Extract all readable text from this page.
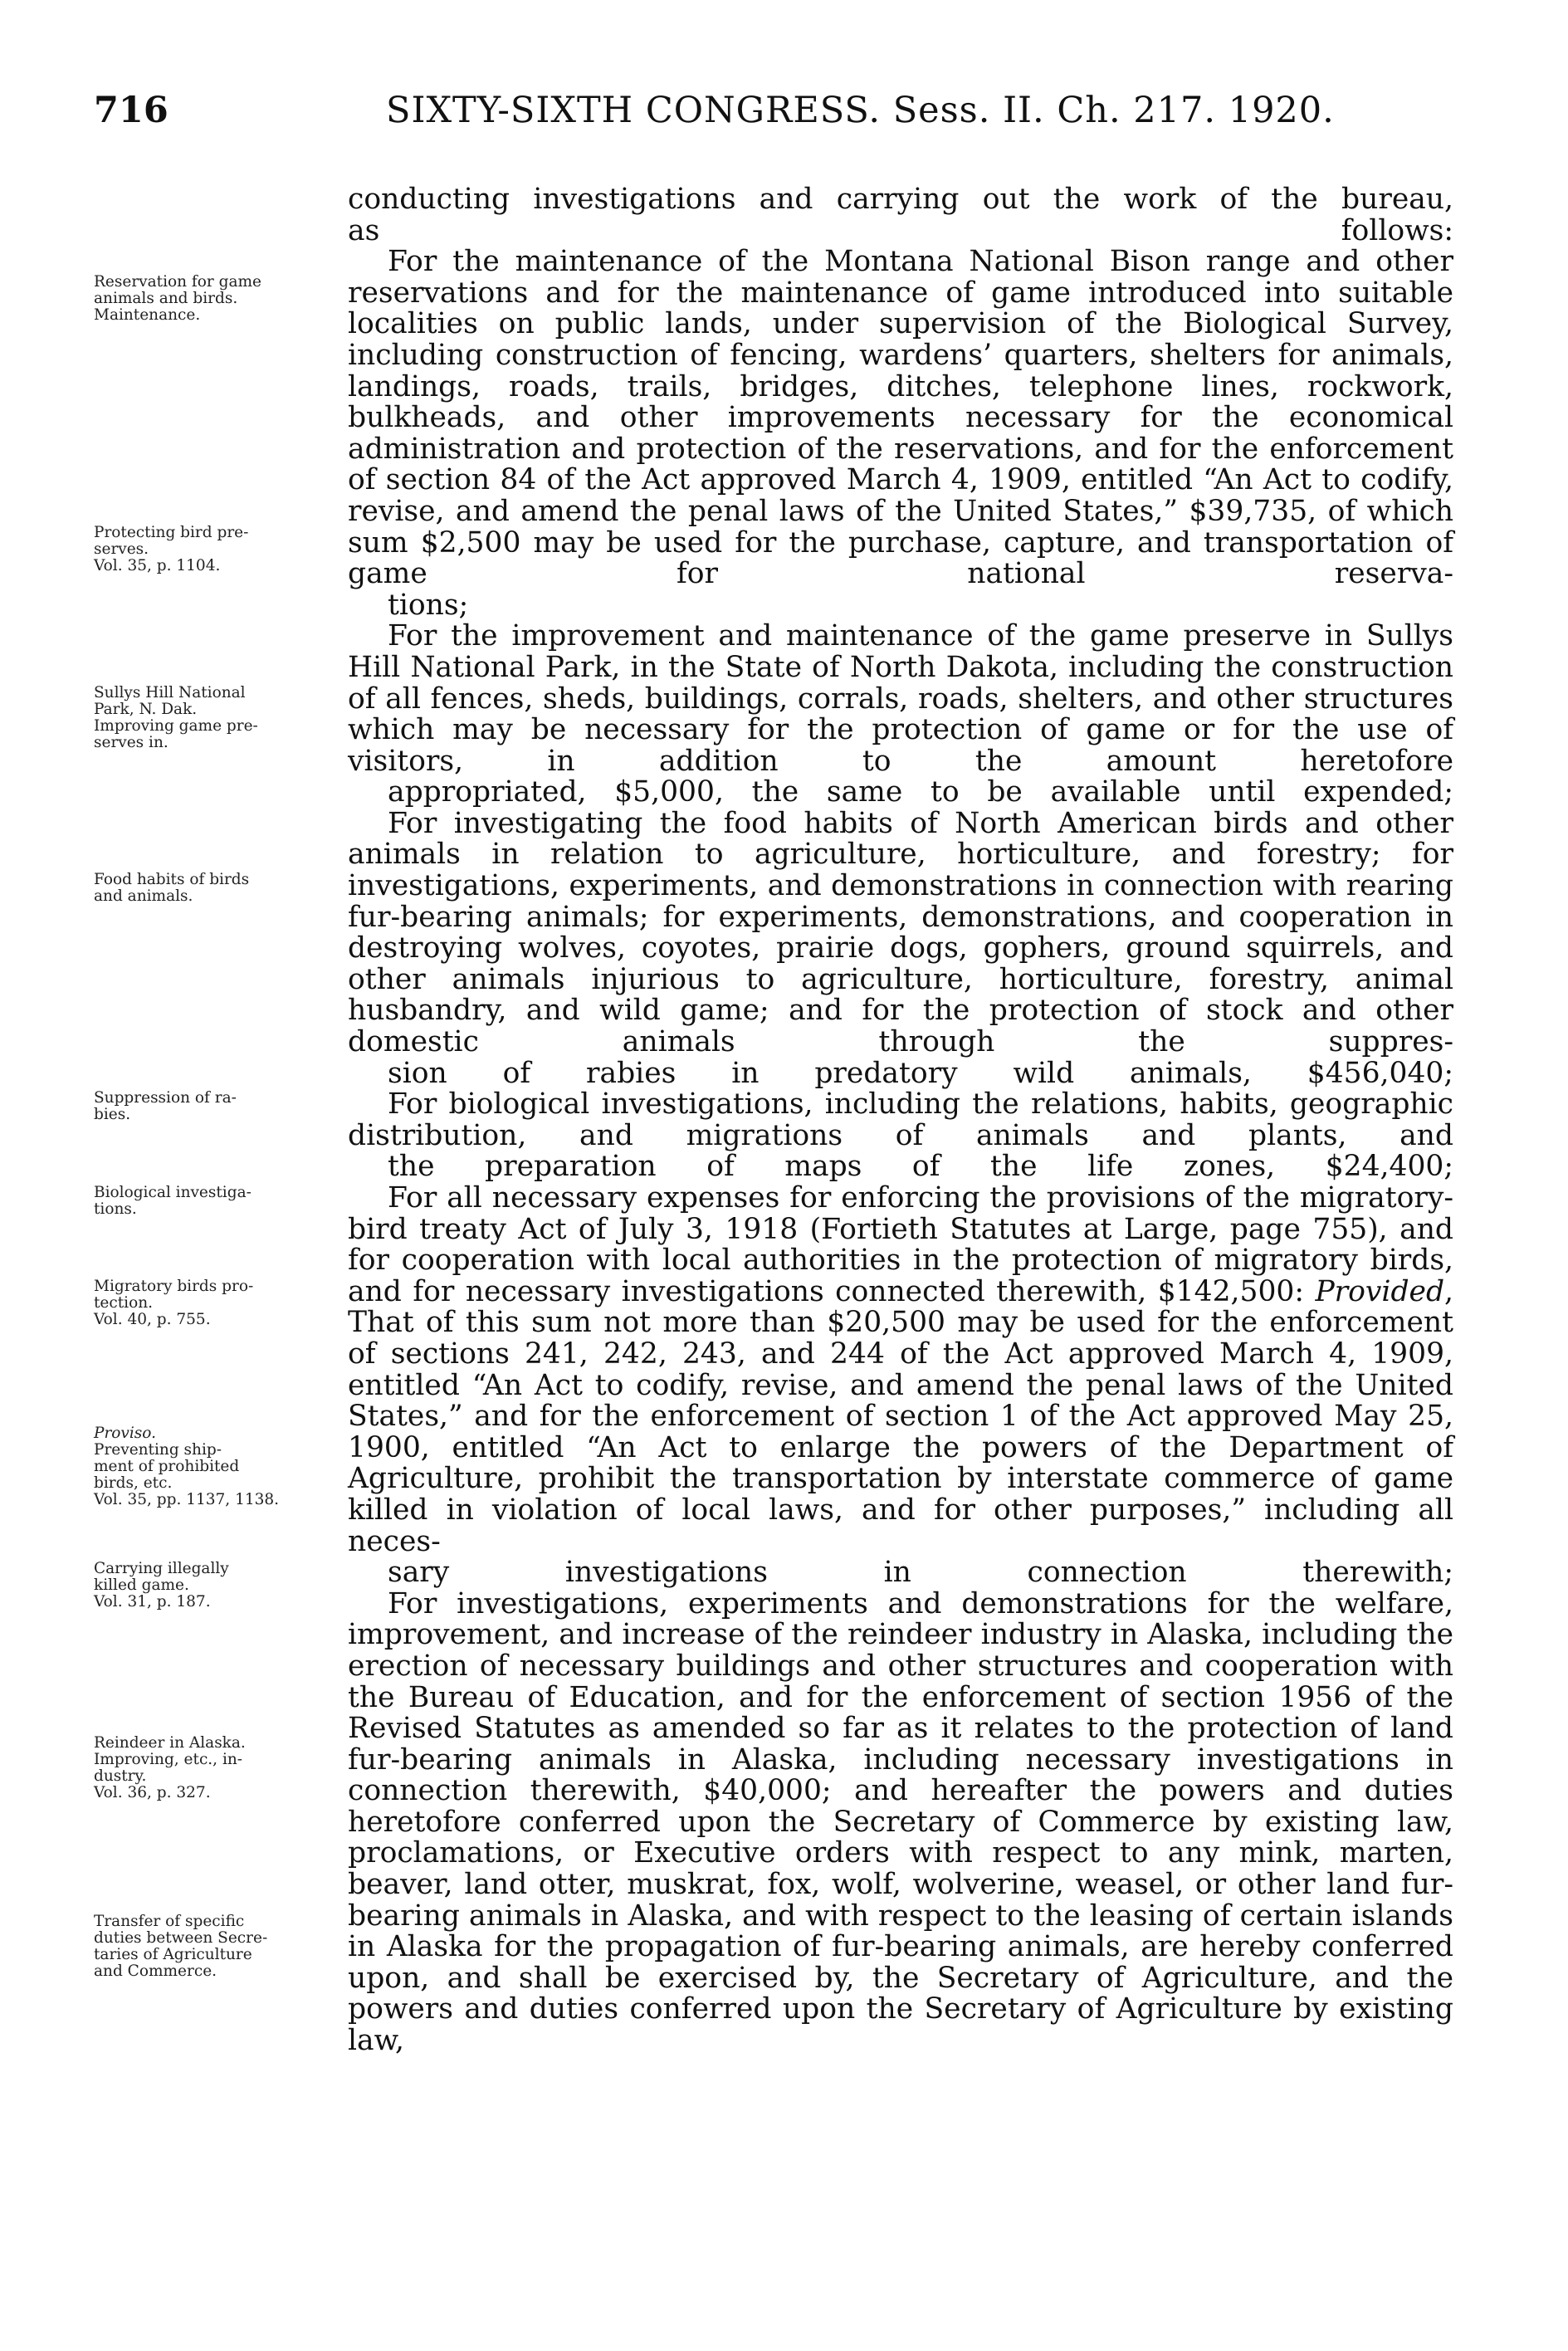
716	SIXTY-SIXTH CONGRESS. Sess. II. Ch. 217. 1920.
Reservation for game
animals and birds.
Maintenance.
Protecting bird pre-
serves.
Vol. 35, p. 1104.
Sullys Hill National
Park, N. Dak.
Improving game pre-
serves in.
Food habits of birds
and animals.
Suppression of ra-
bies.
Biological investiga-
tions.
Migratory birds pro-
tection.
Vol. 40, p. 755.
Proviso.
Preventing ship-
ment of prohibited
birds, etc.
Vol. 35, pp. 1137, 1138.
Carrying illegally
killed game.
Vol. 31, p. 187.
Reindeer in Alaska.
Improving, etc., in-
dustry.
Vol. 36, p. 327.
Transfer of specific
duties between Secre-
taries of Agriculture
and Commerce.

conducting investigations and carrying out the work of the bureau,
as follows:

For the maintenance of the Montana National Bison range and other reservations and for the maintenance of game introduced into suitable localities on public lands, under supervision of the Biological Survey, including construction of fencing, wardens’ quarters, shelters for animals, landings, roads, trails, bridges, ditches, telephone lines, rockwork, bulkheads, and other improvements necessary for the economical administration and protection of the reservations, and for the enforcement of section 84 of the Act approved March 4, 1909, entitled “An Act to codify, revise, and amend the penal laws of the United States,” $39,735, of which sum $2,500 may be used for the purchase, capture, and transportation of game for national reserva-
tions;

For the improvement and maintenance of the game preserve in Sullys Hill National Park, in the State of North Dakota, including the construction of all fences, sheds, buildings, corrals, roads, shelters, and other structures which may be necessary for the protection of game or for the use of visitors, in addition to the amount heretofore
appropriated, $5,000, the same to be available until expended;

For investigating the food habits of North American birds and other animals in relation to agriculture, horticulture, and forestry; for investigations, experiments, and demonstrations in connection with rearing fur-bearing animals; for experiments, demonstrations, and cooperation in destroying wolves, coyotes, prairie dogs, gophers, ground squirrels, and other animals injurious to agriculture, horticulture, forestry, animal husbandry, and wild game; and for the protection of stock and other domestic animals through the suppres-
sion of rabies in predatory wild animals, $456,040;

For biological investigations, including the relations, habits, geographic distribution, and migrations of animals and plants, and
the preparation of maps of the life zones, $24,400;

For all necessary expenses for enforcing the provisions of the migratory-bird treaty Act of July 3, 1918 (Fortieth Statutes at Large, page 755), and for cooperation with local authorities in the protection of migratory birds, and for necessary investigations connected therewith, $142,500: Provided, That of this sum not more than $20,500 may be used for the enforcement of sections 241, 242, 243, and 244 of the Act approved March 4, 1909, entitled “An Act to codify, revise, and amend the penal laws of the United States,” and for the enforcement of section 1 of the Act approved May 25, 1900, entitled “An Act to enlarge the powers of the Department of Agriculture, prohibit the transportation by interstate commerce of game killed in violation of local laws, and for other purposes,” including all neces-
sary investigations in connection therewith;

For investigations, experiments and demonstrations for the welfare, improvement, and increase of the reindeer industry in Alaska, including the erection of necessary buildings and other structures and cooperation with the Bureau of Education, and for the enforcement of section 1956 of the Revised Statutes as amended so far as it relates to the protection of land fur-bearing animals in Alaska, including necessary investigations in connection therewith, $40,000; and hereafter the powers and duties heretofore conferred upon the Secretary of Commerce by existing law, proclamations, or Executive orders with respect to any mink, marten, beaver, land otter, muskrat, fox, wolf, wolverine, weasel, or other land fur-bearing animals in Alaska, and with respect to the leasing of certain islands in Alaska for the propagation of fur-bearing animals, are hereby conferred upon, and shall be exercised by, the Secretary of Agriculture, and the powers and duties conferred upon the Secretary of Agriculture by existing law,
